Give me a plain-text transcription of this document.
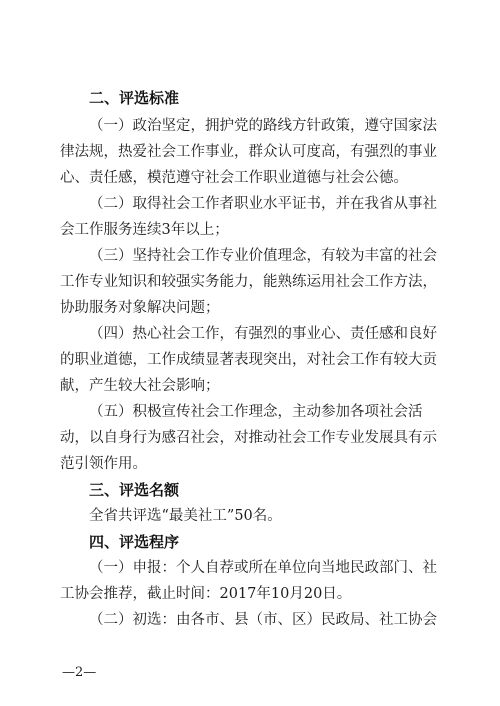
二、评选标准
（一）政治坚定，拥护党的路线方针政策，遵守国家法
律法规，热爱社会工作事业，群众认可度高，有强烈的事业
心、责任感，模范遵守社会工作职业道德与社会公德。
（二）取得社会工作者职业水平证书，并在我省从事社
会工作服务连续3年以上；
（三）坚持社会工作专业价值理念，有较为丰富的社会
工作专业知识和较强实务能力，能熟练运用社会工作方法，
协助服务对象解决问题；
（四）热心社会工作，有强烈的事业心、责任感和良好
的职业道德，工作成绩显著表现突出，对社会工作有较大贡
献，产生较大社会影响；
（五）积极宣传社会工作理念，主动参加各项社会活
动，以自身行为感召社会，对推动社会工作专业发展具有示
范引领作用。
三、评选名额
全省共评选“最美社工”50名。
四、评选程序
（一）申报：个人自荐或所在单位向当地民政部门、社
工协会推荐，截止时间：2017年10月20日。
（二）初选：由各市、县（市、区）民政局、社工协会
—2—
